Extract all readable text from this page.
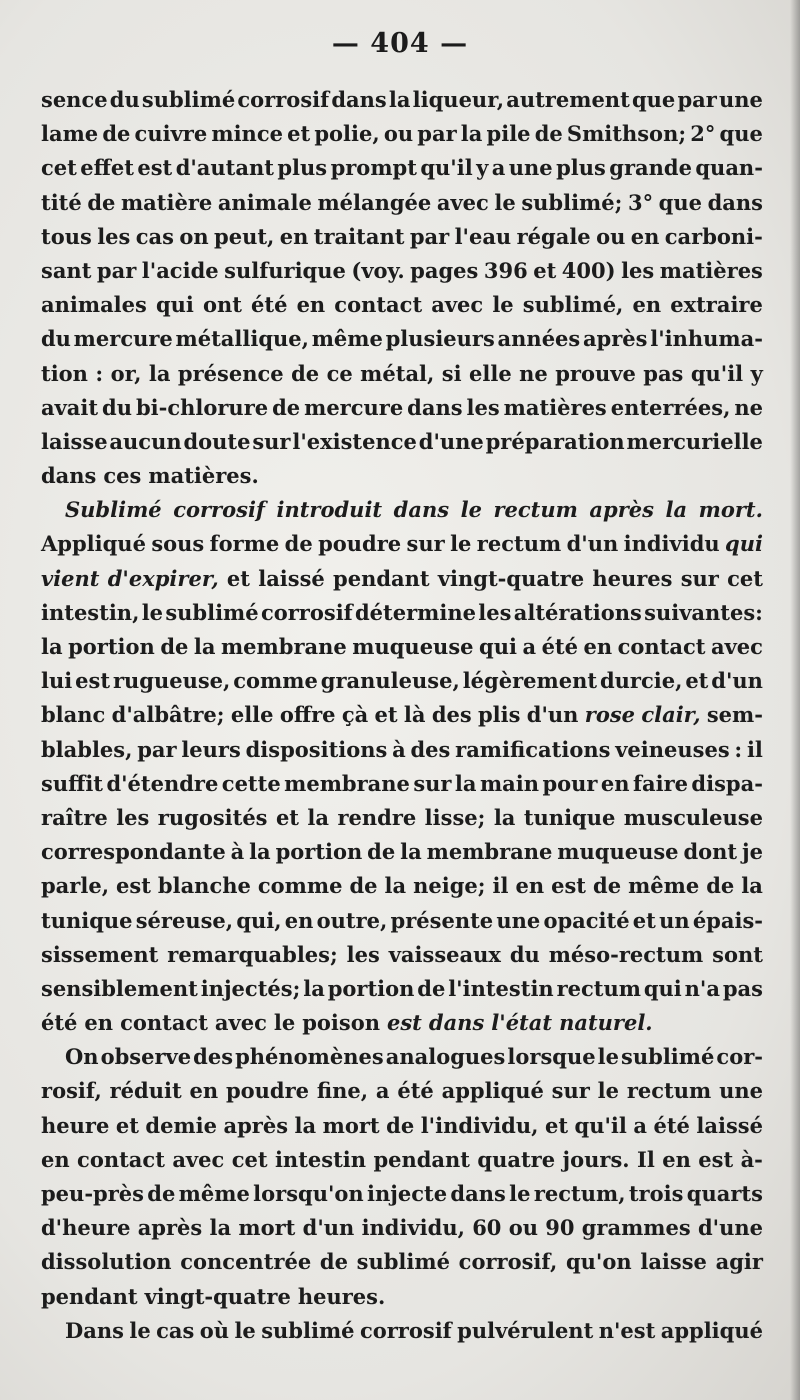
— 404 —
sence du sublimé corrosif dans la liqueur, autrement que par une
lame de cuivre mince et polie, ou par la pile de Smithson; 2° que
cet effet est d'autant plus prompt qu'il y a une plus grande quan-
tité de matière animale mélangée avec le sublimé; 3° que dans
tous les cas on peut, en traitant par l'eau régale ou en carboni-
sant par l'acide sulfurique (voy. pages 396 et 400) les matières
animales qui ont été en contact avec le sublimé, en extraire
du mercure métallique, même plusieurs années après l'inhuma-
tion : or, la présence de ce métal, si elle ne prouve pas qu'il y
avait du bi-chlorure de mercure dans les matières enterrées, ne
laisse aucun doute sur l'existence d'une préparation mercurielle
dans ces matières.
Sublimé corrosif introduit dans le rectum après la mort.
Appliqué sous forme de poudre sur le rectum d'un individu qui
vient d'expirer, et laissé pendant vingt-quatre heures sur cet
intestin, le sublimé corrosif détermine les altérations suivantes:
la portion de la membrane muqueuse qui a été en contact avec
lui est rugueuse, comme granuleuse, légèrement durcie, et d'un
blanc d'albâtre; elle offre çà et là des plis d'un rose clair, sem-
blables, par leurs dispositions à des ramifications veineuses : il
suffit d'étendre cette membrane sur la main pour en faire dispa-
raître les rugosités et la rendre lisse; la tunique musculeuse
correspondante à la portion de la membrane muqueuse dont je
parle, est blanche comme de la neige; il en est de même de la
tunique séreuse, qui, en outre, présente une opacité et un épais-
sissement remarquables; les vaisseaux du méso-rectum sont
sensiblement injectés; la portion de l'intestin rectum qui n'a pas
été en contact avec le poison est dans l'état naturel.
On observe des phénomènes analogues lorsque le sublimé cor-
rosif, réduit en poudre fine, a été appliqué sur le rectum une
heure et demie après la mort de l'individu, et qu'il a été laissé
en contact avec cet intestin pendant quatre jours. Il en est à-
peu-près de même lorsqu'on injecte dans le rectum, trois quarts
d'heure après la mort d'un individu, 60 ou 90 grammes d'une
dissolution concentrée de sublimé corrosif, qu'on laisse agir
pendant vingt-quatre heures.
Dans le cas où le sublimé corrosif pulvérulent n'est appliqué
